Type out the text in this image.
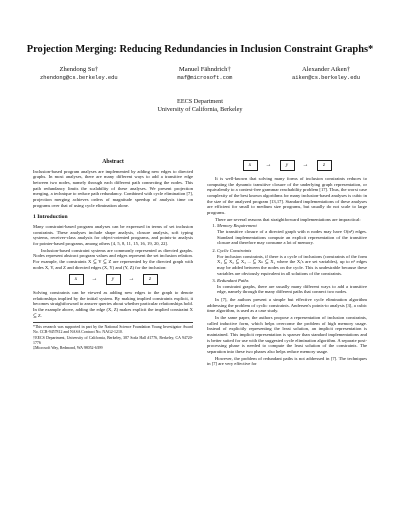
Projection Merging: Reducing Redundancies in Inclusion Constraint Graphs*
Zhendong Su†
zhendong@cs.berkeley.edu
Manuel Fähndrich†
maf@microsoft.com
Alexander Aiken†
aiken@cs.berkeley.edu
EECS Department
University of California, Berkeley
Abstract

Inclusion-based program analyses are implemented by adding new edges to directed graphs. In most analyses, there are many different ways to add a transitive edge between two nodes, namely through each different path connecting the nodes. This path redundancy limits the scalability of these analyses. We present projection merging, a technique to reduce path redundancy. Combined with cycle elimination [7], projection merging achieves orders of magnitude speedup of analysis time on programs over that of using cycle elimination alone.

1 Introduction

Many constraint-based program analyses can be expressed in terms of set inclusion constraints. These analyses include shape analysis, closure analysis, soft typing systems, receiver-class analysis for object-oriented programs, and points-to analysis for pointer-based programs, among others [4, 5, 8, 11, 15, 16, 19, 20, 22].

Inclusion-based constraint systems are commonly represented as directed graphs. Nodes represent abstract program values and edges represent the set inclusion relation. For example, the constraints X ⊆ Y ⊆ Z are represented by the directed graph with nodes X, Y, and Z and directed edges (X, Y) and (Y, Z) for the inclusion:

x	→	y	→	z

Solving constraints can be viewed as adding new edges to the graph to denote relationships implied by the initial system. By making implied constraints explicit, it becomes straightforward to answer queries about whether particular relationships hold. In the example above, adding the edge (X, Z) makes explicit the implied constraint X ⊆ Z.

*This research was supported in part by the National Science Foundation Young Investigator Award No. CCR-9457812 and NASA Contract No. NAG2-1210.
†EECS Department, University of California, Berkeley, 387 Soda Hall #1776, Berkeley, CA 94720-1776
‡Microsoft Way, Redmond, WA 98052-6399
x	→	y	→	z

It is well-known that solving many forms of inclusion constraints reduces to computing the dynamic transitive closure of the underlying graph representation, or equivalently to a context-free grammar reachability problem [17]. Thus, the worst case complexity of the best known algorithms for many inclusion-based analyses is cubic in the size of the analyzed program [13,17]. Standard implementations of these analyses are efficient for small to medium size programs, but usually do not scale to large programs.

There are several reasons that straightforward implementations are impractical:

1. Memory Requirement
The transitive closure of a directed graph with n nodes may have O(n²) edges. Standard implementations compute an explicit representation of the transitive closure and therefore may consume a lot of memory.
2. Cyclic Constraints
For inclusion constraints, if there is a cycle of inclusions (constraints of the form X₁ ⊆ X₂ ⊆ X₃ ... ⊆ Xₙ ⊆ X₁ where the Xᵢ's are set variables), up to n² edges may be added between the nodes on the cycle. This is undesirable because these variables are obviously equivalent in all solutions of the constraints.
3. Redundant Paths
In constraint graphs, there are usually many different ways to add a transitive edge, namely through the many different paths that connect two nodes.

In [7], the authors present a simple but effective cycle elimination algorithm addressing the problem of cyclic constraints. Andersen's points-to analysis [3], a cubic time algorithm, is used as a case study.

In the same paper, the authors propose a representation of inclusion constraints, called inductive form, which helps overcome the problem of high memory usage. Instead of explicitly representing the least solution, an implicit representation is maintained. This implicit representation is sparser than standard implementations and is better suited for use with the suggested cycle elimination algorithm. A separate post-processing phase is needed to compute the least solution of the constraints. The separation into these two phases also helps reduce memory usage.

However, the problem of redundant paths is not addressed in [7]. The techniques in [7] are very effective for
